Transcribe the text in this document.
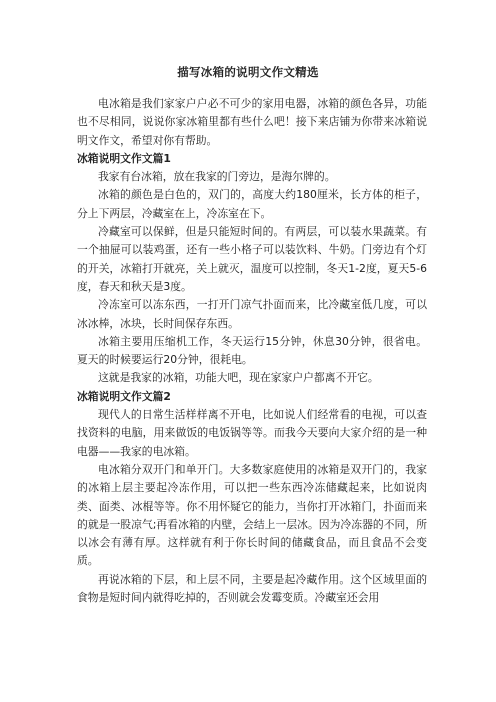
描写冰箱的说明文作文精选

电冰箱是我们家家户户必不可少的家用电器，冰箱的颜色各异，功能也不尽相同，说说你家冰箱里都有些什么吧！接下来店铺为你带来冰箱说明文作文，希望对你有帮助。

冰箱说明文作文篇1

我家有台冰箱，放在我家的门旁边，是海尔牌的。

冰箱的颜色是白色的，双门的，高度大约180厘米，长方体的柜子，分上下两层，冷藏室在上，冷冻室在下。

冷藏室可以保鲜，但是只能短时间的。有两层，可以装水果蔬菜。有一个抽屉可以装鸡蛋，还有一些小格子可以装饮料、牛奶。门旁边有个灯的开关，冰箱打开就亮，关上就灭，温度可以控制，冬天1-2度，夏天5-6度，春天和秋天是3度。

冷冻室可以冻东西，一打开门凉气扑面而来，比冷藏室低几度，可以冰冰棒，冰块，长时间保存东西。

冰箱主要用压缩机工作，冬天运行15分钟，休息30分钟，很省电。夏天的时候要运行20分钟，很耗电。

这就是我家的冰箱，功能大吧，现在家家户户都离不开它。

冰箱说明文作文篇2

现代人的日常生活样样离不开电，比如说人们经常看的电视，可以查找资料的电脑，用来做饭的电饭锅等等。而我今天要向大家介绍的是一种电器——我家的电冰箱。

电冰箱分双开门和单开门。大多数家庭使用的冰箱是双开门的，我家的冰箱上层主要起冷冻作用，可以把一些东西冷冻储藏起来，比如说肉类、面类、冰棍等等。你不用怀疑它的能力，当你打开冰箱门，扑面而来的就是一股凉气;再看冰箱的内壁，会结上一层冰。因为冷冻器的不同，所以冰会有薄有厚。这样就有利于你长时间的储藏食品，而且食品不会变质。

再说冰箱的下层，和上层不同，主要是起冷藏作用。这个区域里面的食物是短时间内就得吃掉的，否则就会发霉变质。冷藏室还会用
